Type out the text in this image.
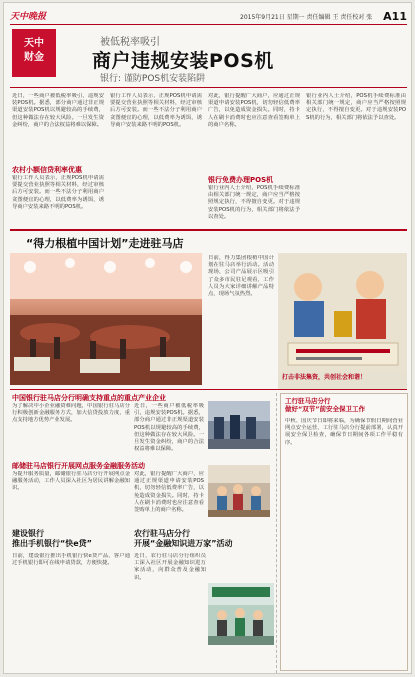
天中晚报	2015年9月21日 星期一 责任编辑 王 责任校对 张 A11
天中
财金
被低税率吸引
商户违规安装POS机
银行: 谨防POS机安装陷阱
近日，一些商户被低税率吸引，违规安装POS机。据悉，部分商户通过非正规渠道安装POS机以规避较高的手续费，但这种做法存在较大风险。一旦发生资金纠纷，商户的合法权益将难以保障。
农村小额信贷利率优惠
银行工作人员表示，正规POS机申请需要提交营业执照等相关材料，经过审核后方可安装。而一些不法分子利用商户贪图便宜的心理，以低费率为诱饵，诱导商户安装来路不明的POS机。
银行工作人员表示，正规POS机申请需要提交营业执照等相关材料，经过审核后方可安装。而一些不法分子利用商户贪图便宜的心理，以低费率为诱饵，诱导商户安装来路不明的POS机。
对此，银行提醒广大商户，应通过正规渠道申请安装POS机，切勿轻信低费率广告，以免造成资金损失。同时，持卡人在刷卡消费时也应注意查看签购单上的商户名称。
银行免费办理POS机
银行业内人士介绍，POS机手续费标准由相关部门统一规定，商户应当严格按照规定执行，不得擅自变更。对于违规安装POS机的行为，相关部门将依法予以查处。
银行业内人士介绍，POS机手续费标准由相关部门统一规定，商户应当严格按照规定执行，不得擅自变更。对于违规安装POS机的行为，相关部门将依法予以查处。
“得力根植中国计划”走进驻马店
日前，得力集团根植中国计划在驻马店举行活动。活动现场，公司产品展示区吸引了众多市民驻足观看，工作人员为大家详细讲解产品特点，现场气氛热烈。
打击非法集资，共创社会和谐！
中国银行驻马店分行明确支持重点的重点产业企业
为了解决中小企业融资难问题，中国银行驻马店分行积极创新金融服务方式，加大信贷投放力度，重点支持地方优势产业发展。
近日，一些商户被低税率吸引，违规安装POS机。据悉，部分商户通过非正规渠道安装POS机以规避较高的手续费，但这种做法存在较大风险。一旦发生资金纠纷，商户的合法权益将难以保障。
工行驻马店分行
做好“双节”前安全保卫工作
中秋、国庆节日即将来临，为确保节假日期间营业网点安全运营，工行驻马店分行提前部署，认真开展安全保卫检查，确保节日期间各项工作平稳有序。
邮储驻马店银行开展网点服务金融服务活动
为提升服务质量，邮储银行驻马店分行开展网点金融服务活动，工作人员深入社区为居民讲解金融知识。
对此，银行提醒广大商户，应通过正规渠道申请安装POS机，切勿轻信低费率广告，以免造成资金损失。同时，持卡人在刷卡消费时也应注意查看签购单上的商户名称。
建设银行
推出手机银行“快e贷”
日前，建设银行推出手机银行快e贷产品，客户通过手机银行即可在线申请贷款，方便快捷。
农行驻马店分行
开展“金融知识进万家”活动
近日，农行驻马店分行组织员工深入社区开展金融知识进万家活动，向群众普及金融知识。
